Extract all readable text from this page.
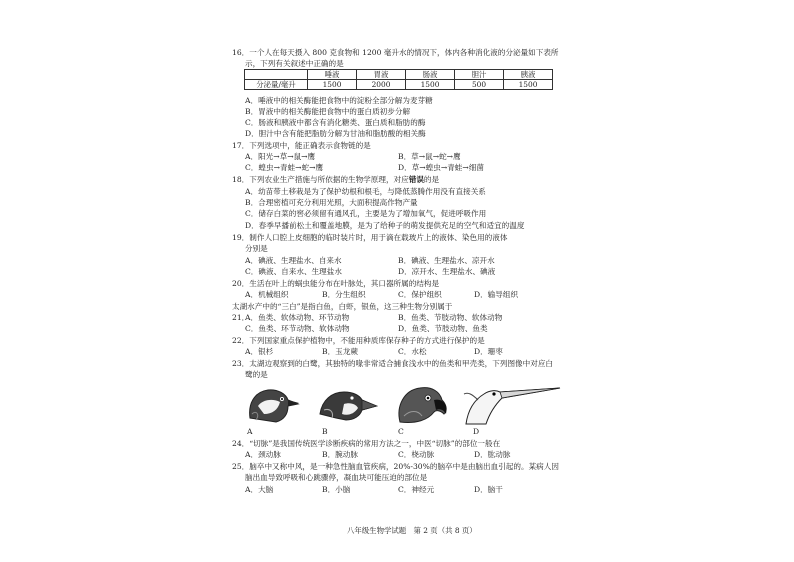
16．一个人在每天摄入 800 克食物和 1200 毫升水的情况下，体内各种消化液的分泌量如下表所
示，下列有关叙述中正确的是
	唾液	胃液	肠液	胆汁	胰液
分泌量/毫升	1500	2000	1500	500	1500
A．唾液中的相关酶能把食物中的淀粉全部分解为麦芽糖
B．胃液中的相关酶能把食物中的蛋白质初步分解
C．肠液和胰液中都含有消化糖类、蛋白质和脂肪的酶
D．胆汁中含有能把脂肪分解为甘油和脂肪酸的相关酶
17．下列选项中，能正确表示食物链的是
A．阳光→草→鼠→鹰	B．草→鼠→蛇→鹰
C．蝗虫→青蛙→蛇→鹰	D．草→蝗虫→青蛙→细菌
18．下列农业生产措施与所依据的生物学原理，对应错误的是
A．幼苗带土移栽是为了保护幼根和根毛，与降低蒸腾作用没有直接关系
B．合理密植可充分利用光照，大面积提高作物产量
C．储存白菜的窖必须留有通风孔，主要是为了增加氧气，促进呼吸作用
D．春季早播前松土和覆盖地膜，是为了给种子的萌发提供充足的空气和适宜的温度
19．制作人口腔上皮细胞的临时装片时，用于滴在载玻片上的液体、染色用的液体
分别是
A．碘液、生理盐水、自来水	B．碘液、生理盐水、凉开水
C．碘液、自来水、生理盐水	D．凉开水、生理盐水、碘液
20．生活在叶上的蜗虫能分布在叶脉处，其口器所属的结构是
A．机械组织	B．分生组织	C．保护组织	D．输导组织
太湖水产中的“三白”是指白鱼，白虾，银鱼，这三种生物分别属于
21．
A．鱼类、软体动物、环节动物	B．鱼类、节肢动物、软体动物
C．鱼类、环节动物、软体动物	D．鱼类、节肢动物、鱼类
22．下列国家重点保护植物中，不能用种质库保存种子的方式进行保护的是
A．银杉	B．玉龙蕨	C．水松	D．珊枣
23．太湖边观察到的白鹭，其独特的喙非常适合捕食浅水中的鱼类和甲壳类，下列图像中对应白
鹭的是
A	B	C	D
24．“切脉”是我国传统医学诊断疾病的常用方法之一，中医“切脉”的部位一般在
A．颈动脉	B．腕动脉	C．桡动脉	D．肱动脉
25．脑卒中又称中风，是一种急性脑血管疾病，20%-30%的脑卒中是由脑出血引起的。某病人因
脑出血导致呼吸和心跳骤停，凝血块可能压迫的部位是
A．大脑	B．小脑	C．神经元	D．脑干
八年级生物学试题　第 2 页（共 8 页）
